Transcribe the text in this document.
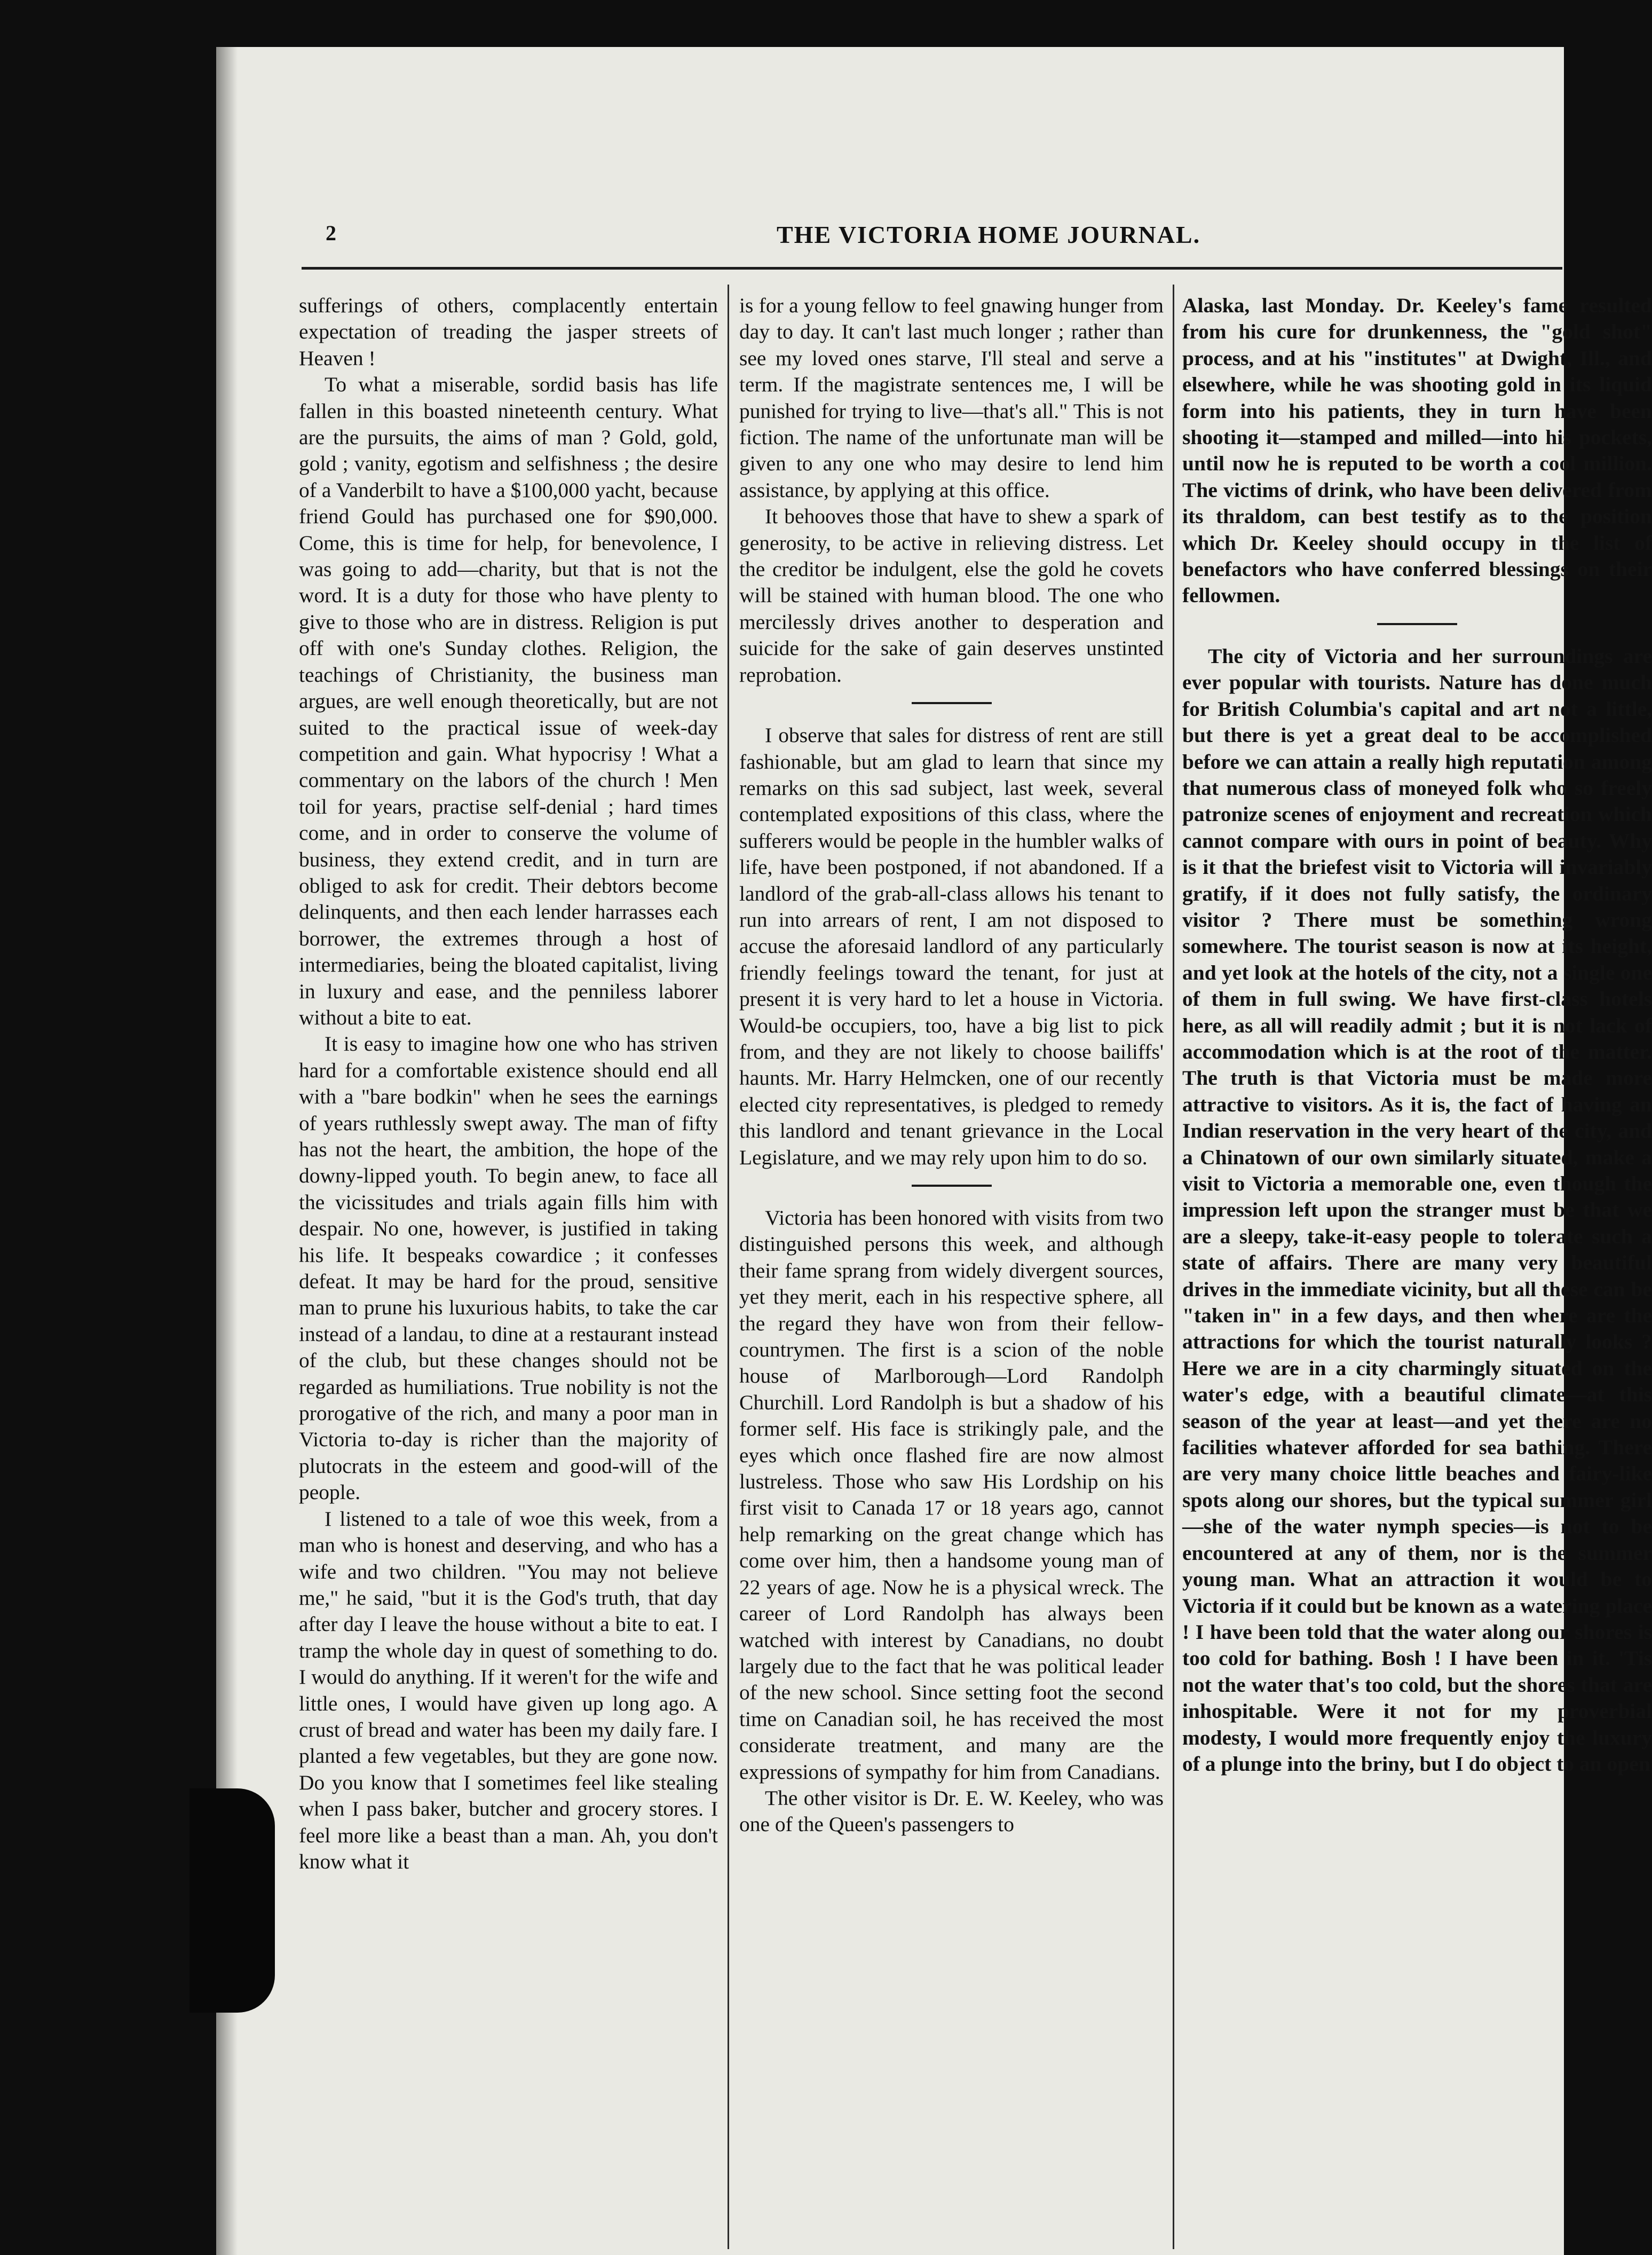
2	THE VICTORIA HOME JOURNAL.

sufferings of others, complacently entertain expectation of treading the jasper streets of Heaven !

To what a miserable, sordid basis has life fallen in this boasted nineteenth century. What are the pursuits, the aims of man ? Gold, gold, gold ; vanity, egotism and selfishness ; the desire of a Vanderbilt to have a $100,000 yacht, because friend Gould has purchased one for $90,000. Come, this is time for help, for benevolence, I was going to add—charity, but that is not the word. It is a duty for those who have plenty to give to those who are in distress. Religion is put off with one's Sunday clothes. Religion, the teachings of Christianity, the business man argues, are well enough theoretically, but are not suited to the practical issue of week-day competition and gain. What hypocrisy ! What a commentary on the labors of the church ! Men toil for years, practise self-denial ; hard times come, and in order to conserve the volume of business, they extend credit, and in turn are obliged to ask for credit. Their debtors become delinquents, and then each lender harrasses each borrower, the extremes through a host of intermediaries, being the bloated capitalist, living in luxury and ease, and the penniless laborer without a bite to eat.

It is easy to imagine how one who has striven hard for a comfortable existence should end all with a "bare bodkin" when he sees the earnings of years ruthlessly swept away. The man of fifty has not the heart, the ambition, the hope of the downy-lipped youth. To begin anew, to face all the vicissitudes and trials again fills him with despair. No one, however, is justified in taking his life. It bespeaks cowardice ; it confesses defeat. It may be hard for the proud, sensitive man to prune his luxurious habits, to take the car instead of a landau, to dine at a restaurant instead of the club, but these changes should not be regarded as humiliations. True nobility is not the prorogative of the rich, and many a poor man in Victoria to-day is richer than the majority of plutocrats in the esteem and good-will of the people.

I listened to a tale of woe this week, from a man who is honest and deserving, and who has a wife and two children. "You may not believe me," he said, "but it is the God's truth, that day after day I leave the house without a bite to eat. I tramp the whole day in quest of something to do. I would do anything. If it weren't for the wife and little ones, I would have given up long ago. A crust of bread and water has been my daily fare. I planted a few vegetables, but they are gone now. Do you know that I sometimes feel like stealing when I pass baker, butcher and grocery stores. I feel more like a beast than a man. Ah, you don't know what it

is for a young fellow to feel gnawing hunger from day to day. It can't last much longer ; rather than see my loved ones starve, I'll steal and serve a term. If the magistrate sentences me, I will be punished for trying to live—that's all." This is not fiction. The name of the unfortunate man will be given to any one who may desire to lend him assistance, by applying at this office.

It behooves those that have to shew a spark of generosity, to be active in relieving distress. Let the creditor be indulgent, else the gold he covets will be stained with human blood. The one who mercilessly drives another to desperation and suicide for the sake of gain deserves unstinted reprobation.

I observe that sales for distress of rent are still fashionable, but am glad to learn that since my remarks on this sad subject, last week, several contemplated expositions of this class, where the sufferers would be people in the humbler walks of life, have been postponed, if not abandoned. If a landlord of the grab-all-class allows his tenant to run into arrears of rent, I am not disposed to accuse the aforesaid landlord of any particularly friendly feelings toward the tenant, for just at present it is very hard to let a house in Victoria. Would-be occupiers, too, have a big list to pick from, and they are not likely to choose bailiffs' haunts. Mr. Harry Helmcken, one of our recently elected city representatives, is pledged to remedy this landlord and tenant grievance in the Local Legislature, and we may rely upon him to do so.

Victoria has been honored with visits from two distinguished persons this week, and although their fame sprang from widely divergent sources, yet they merit, each in his respective sphere, all the regard they have won from their fellow-countrymen. The first is a scion of the noble house of Marlborough—Lord Randolph Churchill. Lord Randolph is but a shadow of his former self. His face is strikingly pale, and the eyes which once flashed fire are now almost lustreless. Those who saw His Lordship on his first visit to Canada 17 or 18 years ago, cannot help remarking on the great change which has come over him, then a handsome young man of 22 years of age. Now he is a physical wreck. The career of Lord Randolph has always been watched with interest by Canadians, no doubt largely due to the fact that he was political leader of the new school. Since setting foot the second time on Canadian soil, he has received the most considerate treatment, and many are the expressions of sympathy for him from Canadians.

The other visitor is Dr. E. W. Keeley, who was one of the Queen's passengers to

Alaska, last Monday. Dr. Keeley's fame resulted from his cure for drunkenness, the "gold shot" process, and at his "institutes" at Dwight, Ill., and elsewhere, while he was shooting gold in its liquid form into his patients, they in turn have been shooting it—stamped and milled—into his pockets, until now he is reputed to be worth a cool million. The victims of drink, who have been delivered from its thraldom, can best testify as to the position which Dr. Keeley should occupy in the list of benefactors who have conferred blessings on their fellowmen.

The city of Victoria and her surroundings are ever popular with tourists. Nature has done much for British Columbia's capital and art not a little, but there is yet a great deal to be accomplished before we can attain a really high reputation among that numerous class of moneyed folk who so freely patronize scenes of enjoyment and recreation which cannot compare with ours in point of beauty. Why is it that the briefest visit to Victoria will invariably gratify, if it does not fully satisfy, the ordinary visitor ? There must be something wrong somewhere. The tourist season is now at its height, and yet look at the hotels of the city, not a single one of them in full swing. We have first-class hotels here, as all will readily admit ; but it is not lack of accommodation which is at the root of the matter. The truth is that Victoria must be made more attractive to visitors. As it is, the fact of having an Indian reservation in the very heart of the city, and a Chinatown of our own similarly situated, make a visit to Victoria a memorable one, even though the impression left upon the stranger must be that we are a sleepy, take-it-easy people to tolerate such a state of affairs. There are many very beautiful drives in the immediate vicinity, but all these can be "taken in" in a few days, and then where are the attractions for which the tourist naturally looks ? Here we are in a city charmingly situated on the water's edge, with a beautiful climate—at this season of the year at least—and yet there are no facilities whatever afforded for sea bathing. There are very many choice little beaches and fairy-like spots along our shores, but the typical summer girl—she of the water nymph species—is not to be encountered at any of them, nor is the summer young man. What an attraction it would be to Victoria if it could but be known as a watering place ! I have been told that the water along our shores is too cold for bathing. Bosh ! I have been in it. 'Tis not the water that's too cold, but the shores that are inhospitable. Were it not for my proverbial modesty, I would more frequently enjoy the luxury of a plunge into the briny, but I do object to an open
